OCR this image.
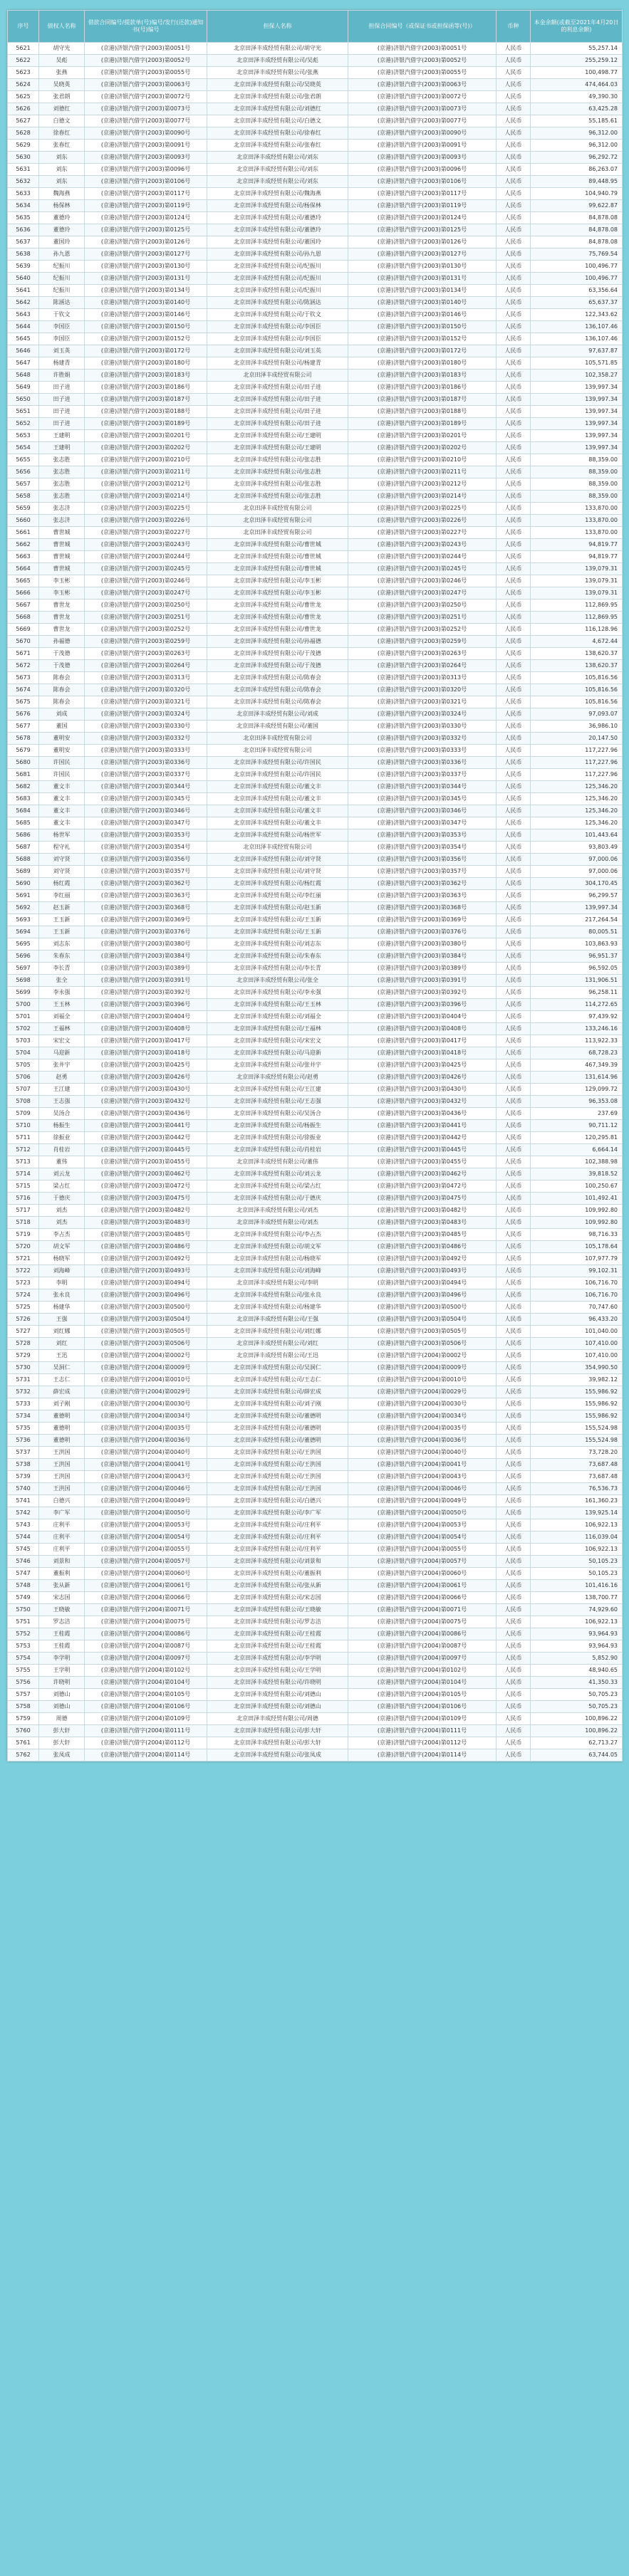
序号	债权人名称	借款合同编号/提款单(号)编号/发行(还款)通知书(号)编号	担保人名称	担保合同编号（或保证书或担保函等(号)）	币种	本金余额(或截至2021年4月20日的利息余额)
5621	胡守光	(京港)济银汽借字(2003)第0051号	北京田泽丰成经贸有限公司/胡守光	(京港)济银汽借字(2003)第0051号	人民币	55,257.14
5622	吴彪	(京港)济银汽借字(2003)第0052号	北京田泽丰成经贸有限公司/吴彪	(京港)济银汽借字(2003)第0052号	人民币	255,259.12
5623	张燕	(京港)济银汽借字(2003)第0055号	北京田泽丰成经贸有限公司/张燕	(京港)济银汽借字(2003)第0055号	人民币	100,498.77
5624	吴晓英	(京港)济银汽借字(2003)第0063号	北京田泽丰成经贸有限公司/吴晓英	(京港)济银汽借字(2003)第0063号	人民币	474,464.03
5625	张君朗	(京港)济银汽借字(2003)第0072号	北京田泽丰成经贸有限公司/张君朗	(京港)济银汽借字(2003)第0072号	人民币	49,390.30
5626	刘德红	(京港)济银汽借字(2003)第0073号	北京田泽丰成经贸有限公司/刘德红	(京港)济银汽借字(2003)第0073号	人民币	63,425.28
5627	白德文	(京港)济银汽借字(2003)第0077号	北京田泽丰成经贸有限公司/白德文	(京港)济银汽借字(2003)第0077号	人民币	55,185.61
5628	徐春红	(京港)济银汽借字(2003)第0090号	北京田泽丰成经贸有限公司/徐春红	(京港)济银汽借字(2003)第0090号	人民币	96,312.00
5629	张春红	(京港)济银汽借字(2003)第0091号	北京田泽丰成经贸有限公司/张春红	(京港)济银汽借字(2003)第0091号	人民币	96,312.00
5630	刘东	(京港)济银汽借字(2003)第0093号	北京田泽丰成经贸有限公司/刘东	(京港)济银汽借字(2003)第0093号	人民币	96,292.72
5631	刘东	(京港)济银汽借字(2003)第0096号	北京田泽丰成经贸有限公司/刘东	(京港)济银汽借字(2003)第0096号	人民币	86,263.07
5632	刘东	(京港)济银汽借字(2003)第0106号	北京田泽丰成经贸有限公司/刘东	(京港)济银汽借字(2003)第0106号	人民币	89,448.95
5633	魏海燕	(京港)济银汽借字(2003)第0117号	北京田泽丰成经贸有限公司/魏海燕	(京港)济银汽借字(2003)第0117号	人民币	104,940.79
5634	杨保林	(京港)济银汽借字(2003)第0119号	北京田泽丰成经贸有限公司/杨保林	(京港)济银汽借字(2003)第0119号	人民币	99,622.87
5635	董德玲	(京港)济银汽借字(2003)第0124号	北京田泽丰成经贸有限公司/董德玲	(京港)济银汽借字(2003)第0124号	人民币	84,878.08
5636	董德玲	(京港)济银汽借字(2003)第0125号	北京田泽丰成经贸有限公司/董德玲	(京港)济银汽借字(2003)第0125号	人民币	84,878.08
5637	董国玲	(京港)济银汽借字(2003)第0126号	北京田泽丰成经贸有限公司/董国玲	(京港)济银汽借字(2003)第0126号	人民币	84,878.08
5638	孙九恩	(京港)济银汽借字(2003)第0127号	北京田泽丰成经贸有限公司/孙九恩	(京港)济银汽借字(2003)第0127号	人民币	75,769.54
5639	纪振川	(京港)济银汽借字(2003)第0130号	北京田泽丰成经贸有限公司/纪振川	(京港)济银汽借字(2003)第0130号	人民币	100,496.77
5640	纪振川	(京港)济银汽借字(2003)第0131号	北京田泽丰成经贸有限公司/纪振川	(京港)济银汽借字(2003)第0131号	人民币	100,496.77
5641	纪振川	(京港)济银汽借字(2003)第0134号	北京田泽丰成经贸有限公司/纪振川	(京港)济银汽借字(2003)第0134号	人民币	63,356.64
5642	陈涵达	(京港)济银汽借字(2003)第0140号	北京田泽丰成经贸有限公司/陈涵达	(京港)济银汽借字(2003)第0140号	人民币	65,637.37
5643	于钦文	(京港)济银汽借字(2003)第0146号	北京田泽丰成经贸有限公司/于钦文	(京港)济银汽借字(2003)第0146号	人民币	122,343.62
5644	李国臣	(京港)济银汽借字(2003)第0150号	北京田泽丰成经贸有限公司/李国臣	(京港)济银汽借字(2003)第0150号	人民币	136,107.46
5645	李国臣	(京港)济银汽借字(2003)第0152号	北京田泽丰成经贸有限公司/李国臣	(京港)济银汽借字(2003)第0152号	人民币	136,107.46
5646	刘玉英	(京港)济银汽借字(2003)第0172号	北京田泽丰成经贸有限公司/刘玉英	(京港)济银汽借字(2003)第0172号	人民币	97,637.87
5647	杨建青	(京港)济银汽借字(2003)第0180号	北京田泽丰成经贸有限公司/杨建青	(京港)济银汽借字(2003)第0180号	人民币	105,571.85
5648	许胜娟	(京港)济银汽借字(2003)第0183号	北京田泽丰成经贸有限公司	(京港)济银汽借字(2003)第0183号	人民币	102,358.27
5649	田子进	(京港)济银汽借字(2003)第0186号	北京田泽丰成经贸有限公司/田子进	(京港)济银汽借字(2003)第0186号	人民币	139,997.34
5650	田子进	(京港)济银汽借字(2003)第0187号	北京田泽丰成经贸有限公司/田子进	(京港)济银汽借字(2003)第0187号	人民币	139,997.34
5651	田子进	(京港)济银汽借字(2003)第0188号	北京田泽丰成经贸有限公司/田子进	(京港)济银汽借字(2003)第0188号	人民币	139,997.34
5652	田子进	(京港)济银汽借字(2003)第0189号	北京田泽丰成经贸有限公司/田子进	(京港)济银汽借字(2003)第0189号	人民币	139,997.34
5653	王建明	(京港)济银汽借字(2003)第0201号	北京田泽丰成经贸有限公司/王建明	(京港)济银汽借字(2003)第0201号	人民币	139,997.34
5654	王建明	(京港)济银汽借字(2003)第0202号	北京田泽丰成经贸有限公司/王建明	(京港)济银汽借字(2003)第0202号	人民币	139,997.34
5655	张志胜	(京港)济银汽借字(2003)第0210号	北京田泽丰成经贸有限公司/张志胜	(京港)济银汽借字(2003)第0210号	人民币	88,359.00
5656	张志胜	(京港)济银汽借字(2003)第0211号	北京田泽丰成经贸有限公司/张志胜	(京港)济银汽借字(2003)第0211号	人民币	88,359.00
5657	张志胜	(京港)济银汽借字(2003)第0212号	北京田泽丰成经贸有限公司/张志胜	(京港)济银汽借字(2003)第0212号	人民币	88,359.00
5658	张志胜	(京港)济银汽借字(2003)第0214号	北京田泽丰成经贸有限公司/张志胜	(京港)济银汽借字(2003)第0214号	人民币	88,359.00
5659	张志济	(京港)济银汽借字(2003)第0225号	北京田泽丰成经贸有限公司	(京港)济银汽借字(2003)第0225号	人民币	133,870.00
5660	张志济	(京港)济银汽借字(2003)第0226号	北京田泽丰成经贸有限公司	(京港)济银汽借字(2003)第0226号	人民币	133,870.00
5661	曹世城	(京港)济银汽借字(2003)第0227号	北京田泽丰成经贸有限公司	(京港)济银汽借字(2003)第0227号	人民币	133,870.00
5662	曹世城	(京港)济银汽借字(2003)第0243号	北京田泽丰成经贸有限公司/曹世城	(京港)济银汽借字(2003)第0243号	人民币	94,819.77
5663	曹世城	(京港)济银汽借字(2003)第0244号	北京田泽丰成经贸有限公司/曹世城	(京港)济银汽借字(2003)第0244号	人民币	94,819.77
5664	曹世城	(京港)济银汽借字(2003)第0245号	北京田泽丰成经贸有限公司/曹世城	(京港)济银汽借字(2003)第0245号	人民币	139,079.31
5665	李玉彬	(京港)济银汽借字(2003)第0246号	北京田泽丰成经贸有限公司/李玉彬	(京港)济银汽借字(2003)第0246号	人民币	139,079.31
5666	李玉彬	(京港)济银汽借字(2003)第0247号	北京田泽丰成经贸有限公司/李玉彬	(京港)济银汽借字(2003)第0247号	人民币	139,079.31
5667	曹世龙	(京港)济银汽借字(2003)第0250号	北京田泽丰成经贸有限公司/曹世龙	(京港)济银汽借字(2003)第0250号	人民币	112,869.95
5668	曹世龙	(京港)济银汽借字(2003)第0251号	北京田泽丰成经贸有限公司/曹世龙	(京港)济银汽借字(2003)第0251号	人民币	112,869.95
5669	曹世龙	(京港)济银汽借字(2003)第0252号	北京田泽丰成经贸有限公司/曹世龙	(京港)济银汽借字(2003)第0252号	人民币	116,128.96
5670	孙福德	(京港)济银汽借字(2003)第0259号	北京田泽丰成经贸有限公司/孙福德	(京港)济银汽借字(2003)第0259号	人民币	4,672.44
5671	于茂德	(京港)济银汽借字(2003)第0263号	北京田泽丰成经贸有限公司/于茂德	(京港)济银汽借字(2003)第0263号	人民币	138,620.37
5672	于茂德	(京港)济银汽借字(2003)第0264号	北京田泽丰成经贸有限公司/于茂德	(京港)济银汽借字(2003)第0264号	人民币	138,620.37
5673	陈春会	(京港)济银汽借字(2003)第0313号	北京田泽丰成经贸有限公司/陈春会	(京港)济银汽借字(2003)第0313号	人民币	105,816.56
5674	陈春会	(京港)济银汽借字(2003)第0320号	北京田泽丰成经贸有限公司/陈春会	(京港)济银汽借字(2003)第0320号	人民币	105,816.56
5675	陈春会	(京港)济银汽借字(2003)第0321号	北京田泽丰成经贸有限公司/陈春会	(京港)济银汽借字(2003)第0321号	人民币	105,816.56
5676	刘成	(京港)济银汽借字(2003)第0324号	北京田泽丰成经贸有限公司/刘成	(京港)济银汽借字(2003)第0324号	人民币	97,093.07
5677	董国	(京港)济银汽借字(2003)第0330号	北京田泽丰成经贸有限公司/董国	(京港)济银汽借字(2003)第0330号	人民币	36,986.10
5678	董明安	(京港)济银汽借字(2003)第0332号	北京田泽丰成经贸有限公司	(京港)济银汽借字(2003)第0332号	人民币	20,147.50
5679	董明安	(京港)济银汽借字(2003)第0333号	北京田泽丰成经贸有限公司	(京港)济银汽借字(2003)第0333号	人民币	117,227.96
5680	许国民	(京港)济银汽借字(2003)第0336号	北京田泽丰成经贸有限公司/许国民	(京港)济银汽借字(2003)第0336号	人民币	117,227.96
5681	许国民	(京港)济银汽借字(2003)第0337号	北京田泽丰成经贸有限公司/许国民	(京港)济银汽借字(2003)第0337号	人民币	117,227.96
5682	董文丰	(京港)济银汽借字(2003)第0344号	北京田泽丰成经贸有限公司/董文丰	(京港)济银汽借字(2003)第0344号	人民币	125,346.20
5683	董文丰	(京港)济银汽借字(2003)第0345号	北京田泽丰成经贸有限公司/董文丰	(京港)济银汽借字(2003)第0345号	人民币	125,346.20
5684	董文丰	(京港)济银汽借字(2003)第0346号	北京田泽丰成经贸有限公司/董文丰	(京港)济银汽借字(2003)第0346号	人民币	125,346.20
5685	董文丰	(京港)济银汽借字(2003)第0347号	北京田泽丰成经贸有限公司/董文丰	(京港)济银汽借字(2003)第0347号	人民币	125,346.20
5686	杨世军	(京港)济银汽借字(2003)第0353号	北京田泽丰成经贸有限公司/杨世军	(京港)济银汽借字(2003)第0353号	人民币	101,443.64
5687	程守礼	(京港)济银汽借字(2003)第0354号	北京田泽丰成经贸有限公司	(京港)济银汽借字(2003)第0354号	人民币	93,803.49
5688	刘守贤	(京港)济银汽借字(2003)第0356号	北京田泽丰成经贸有限公司/刘守贤	(京港)济银汽借字(2003)第0356号	人民币	97,000.06
5689	刘守贤	(京港)济银汽借字(2003)第0357号	北京田泽丰成经贸有限公司/刘守贤	(京港)济银汽借字(2003)第0357号	人民币	97,000.06
5690	杨红霞	(京港)济银汽借字(2003)第0362号	北京田泽丰成经贸有限公司/杨红霞	(京港)济银汽借字(2003)第0362号	人民币	304,170.45
5691	李红丽	(京港)济银汽借字(2003)第0363号	北京田泽丰成经贸有限公司/李红丽	(京港)济银汽借字(2003)第0363号	人民币	96,299.57
5692	赵玉新	(京港)济银汽借字(2003)第0368号	北京田泽丰成经贸有限公司/赵玉新	(京港)济银汽借字(2003)第0368号	人民币	139,997.34
5693	王玉新	(京港)济银汽借字(2003)第0369号	北京田泽丰成经贸有限公司/王玉新	(京港)济银汽借字(2003)第0369号	人民币	217,264.54
5694	王玉新	(京港)济银汽借字(2003)第0376号	北京田泽丰成经贸有限公司/王玉新	(京港)济银汽借字(2003)第0376号	人民币	80,005.51
5695	刘志东	(京港)济银汽借字(2003)第0380号	北京田泽丰成经贸有限公司/刘志东	(京港)济银汽借字(2003)第0380号	人民币	103,863.93
5696	朱春东	(京港)济银汽借字(2003)第0384号	北京田泽丰成经贸有限公司/朱春东	(京港)济银汽借字(2003)第0384号	人民币	96,951.37
5697	李长青	(京港)济银汽借字(2003)第0389号	北京田泽丰成经贸有限公司/李长青	(京港)济银汽借字(2003)第0389号	人民币	96,592.05
5698	张全	(京港)济银汽借字(2003)第0391号	北京田泽丰成经贸有限公司/张全	(京港)济银汽借字(2003)第0391号	人民币	131,906.51
5699	李永强	(京港)济银汽借字(2003)第0392号	北京田泽丰成经贸有限公司/李永强	(京港)济银汽借字(2003)第0392号	人民币	96,258.11
5700	王玉林	(京港)济银汽借字(2003)第0396号	北京田泽丰成经贸有限公司/王玉林	(京港)济银汽借字(2003)第0396号	人民币	114,272.65
5701	刘福全	(京港)济银汽借字(2003)第0404号	北京田泽丰成经贸有限公司/刘福全	(京港)济银汽借字(2003)第0404号	人民币	97,439.92
5702	王福林	(京港)济银汽借字(2003)第0408号	北京田泽丰成经贸有限公司/王福林	(京港)济银汽借字(2003)第0408号	人民币	133,246.16
5703	宋宏文	(京港)济银汽借字(2003)第0417号	北京田泽丰成经贸有限公司/宋宏文	(京港)济银汽借字(2003)第0417号	人民币	113,922.33
5704	马迎新	(京港)济银汽借字(2003)第0418号	北京田泽丰成经贸有限公司/马迎新	(京港)济银汽借字(2003)第0418号	人民币	68,728.23
5705	张井宇	(京港)济银汽借字(2003)第0425号	北京田泽丰成经贸有限公司/张井宇	(京港)济银汽借字(2003)第0425号	人民币	467,349.39
5706	赵勇	(京港)济银汽借字(2003)第0426号	北京田泽丰成经贸有限公司/赵勇	(京港)济银汽借字(2003)第0426号	人民币	131,614.96
5707	王江建	(京港)济银汽借字(2003)第0430号	北京田泽丰成经贸有限公司/王江建	(京港)济银汽借字(2003)第0430号	人民币	129,099.72
5708	王志强	(京港)济银汽借字(2003)第0432号	北京田泽丰成经贸有限公司/王志强	(京港)济银汽借字(2003)第0432号	人民币	96,353.08
5709	吴汤合	(京港)济银汽借字(2003)第0436号	北京田泽丰成经贸有限公司/吴汤合	(京港)济银汽借字(2003)第0436号	人民币	237.69
5710	杨振生	(京港)济银汽借字(2003)第0441号	北京田泽丰成经贸有限公司/杨振生	(京港)济银汽借字(2003)第0441号	人民币	90,711.12
5711	徐振业	(京港)济银汽借字(2003)第0442号	北京田泽丰成经贸有限公司/徐振业	(京港)济银汽借字(2003)第0442号	人民币	120,295.81
5712	肖桂岩	(京港)济银汽借字(2003)第0445号	北京田泽丰成经贸有限公司/肖桂岩	(京港)济银汽借字(2003)第0445号	人民币	6,664.14
5713	董伟	(京港)济银汽借字(2003)第0455号	北京田泽丰成经贸有限公司/董伟	(京港)济银汽借字(2003)第0455号	人民币	102,388.98
5714	刘云龙	(京港)济银汽借字(2003)第0462号	北京田泽丰成经贸有限公司/刘云龙	(京港)济银汽借字(2003)第0462号	人民币	39,818.52
5715	梁占红	(京港)济银汽借字(2003)第0472号	北京田泽丰成经贸有限公司/梁占红	(京港)济银汽借字(2003)第0472号	人民币	100,250.67
5716	于德庆	(京港)济银汽借字(2003)第0475号	北京田泽丰成经贸有限公司/于德庆	(京港)济银汽借字(2003)第0475号	人民币	101,492.41
5717	刘杰	(京港)济银汽借字(2003)第0482号	北京田泽丰成经贸有限公司/刘杰	(京港)济银汽借字(2003)第0482号	人民币	109,992.80
5718	刘杰	(京港)济银汽借字(2003)第0483号	北京田泽丰成经贸有限公司/刘杰	(京港)济银汽借字(2003)第0483号	人民币	109,992.80
5719	李占杰	(京港)济银汽借字(2003)第0485号	北京田泽丰成经贸有限公司/李占杰	(京港)济银汽借字(2003)第0485号	人民币	98,716.33
5720	胡文军	(京港)济银汽借字(2003)第0486号	北京田泽丰成经贸有限公司/胡文军	(京港)济银汽借字(2003)第0486号	人民币	105,178.64
5721	杨晓军	(京港)济银汽借字(2003)第0492号	北京田泽丰成经贸有限公司/杨晓军	(京港)济银汽借字(2003)第0492号	人民币	107,977.79
5722	刘海峰	(京港)济银汽借字(2003)第0493号	北京田泽丰成经贸有限公司/刘海峰	(京港)济银汽借字(2003)第0493号	人民币	99,102.31
5723	李明	(京港)济银汽借字(2003)第0494号	北京田泽丰成经贸有限公司/李明	(京港)济银汽借字(2003)第0494号	人民币	106,716.70
5724	张永良	(京港)济银汽借字(2003)第0496号	北京田泽丰成经贸有限公司/张永良	(京港)济银汽借字(2003)第0496号	人民币	106,716.70
5725	杨建华	(京港)济银汽借字(2003)第0500号	北京田泽丰成经贸有限公司/杨建华	(京港)济银汽借字(2003)第0500号	人民币	70,747.60
5726	王强	(京港)济银汽借字(2003)第0504号	北京田泽丰成经贸有限公司/王强	(京港)济银汽借字(2003)第0504号	人民币	96,433.20
5727	刘红娜	(京港)济银汽借字(2003)第0505号	北京田泽丰成经贸有限公司/刘红娜	(京港)济银汽借字(2003)第0505号	人民币	101,040.00
5728	刘红	(京港)济银汽借字(2003)第0506号	北京田泽丰成经贸有限公司/刘红	(京港)济银汽借字(2003)第0506号	人民币	107,410.00
5729	王迅	(京港)济银汽借字(2004)第0002号	北京田泽丰成经贸有限公司/王迅	(京港)济银汽借字(2004)第0002号	人民币	107,410.00
5730	吴洞仁	(京港)济银汽借字(2004)第0009号	北京田泽丰成经贸有限公司/吴洞仁	(京港)济银汽借字(2004)第0009号	人民币	354,990.50
5731	王志仁	(京港)济银汽借字(2004)第0010号	北京田泽丰成经贸有限公司/王志仁	(京港)济银汽借字(2004)第0010号	人民币	39,982.12
5732	薛宏成	(京港)济银汽借字(2004)第0029号	北京田泽丰成经贸有限公司/薛宏成	(京港)济银汽借字(2004)第0029号	人民币	155,986.92
5733	刘子刚	(京港)济银汽借字(2004)第0030号	北京田泽丰成经贸有限公司/刘子刚	(京港)济银汽借字(2004)第0030号	人民币	155,986.92
5734	董德明	(京港)济银汽借字(2004)第0034号	北京田泽丰成经贸有限公司/董德明	(京港)济银汽借字(2004)第0034号	人民币	155,986.92
5735	董德明	(京港)济银汽借字(2004)第0035号	北京田泽丰成经贸有限公司/董德明	(京港)济银汽借字(2004)第0035号	人民币	155,524.98
5736	董德明	(京港)济银汽借字(2004)第0036号	北京田泽丰成经贸有限公司/董德明	(京港)济银汽借字(2004)第0036号	人民币	155,524.98
5737	王洪国	(京港)济银汽借字(2004)第0040号	北京田泽丰成经贸有限公司/王洪国	(京港)济银汽借字(2004)第0040号	人民币	73,728.20
5738	王洪国	(京港)济银汽借字(2004)第0041号	北京田泽丰成经贸有限公司/王洪国	(京港)济银汽借字(2004)第0041号	人民币	73,687.48
5739	王洪国	(京港)济银汽借字(2004)第0043号	北京田泽丰成经贸有限公司/王洪国	(京港)济银汽借字(2004)第0043号	人民币	73,687.48
5740	王洪国	(京港)济银汽借字(2004)第0046号	北京田泽丰成经贸有限公司/王洪国	(京港)济银汽借字(2004)第0046号	人民币	76,536.73
5741	白德兴	(京港)济银汽借字(2004)第0049号	北京田泽丰成经贸有限公司/白德兴	(京港)济银汽借字(2004)第0049号	人民币	161,360.23
5742	李广军	(京港)济银汽借字(2004)第0050号	北京田泽丰成经贸有限公司/李广军	(京港)济银汽借字(2004)第0050号	人民币	139,925.14
5743	庄利平	(京港)济银汽借字(2004)第0053号	北京田泽丰成经贸有限公司/庄利平	(京港)济银汽借字(2004)第0053号	人民币	106,922.13
5744	庄利平	(京港)济银汽借字(2004)第0054号	北京田泽丰成经贸有限公司/庄利平	(京港)济银汽借字(2004)第0054号	人民币	116,039.04
5745	庄利平	(京港)济银汽借字(2004)第0055号	北京田泽丰成经贸有限公司/庄利平	(京港)济银汽借字(2004)第0055号	人民币	106,922.13
5746	刘景和	(京港)济银汽借字(2004)第0057号	北京田泽丰成经贸有限公司/刘景和	(京港)济银汽借字(2004)第0057号	人民币	50,105.23
5747	董振利	(京港)济银汽借字(2004)第0060号	北京田泽丰成经贸有限公司/董振利	(京港)济银汽借字(2004)第0060号	人民币	50,105.23
5748	张从新	(京港)济银汽借字(2004)第0061号	北京田泽丰成经贸有限公司/张从新	(京港)济银汽借字(2004)第0061号	人民币	101,416.16
5749	宋志国	(京港)济银汽借字(2004)第0066号	北京田泽丰成经贸有限公司/宋志国	(京港)济银汽借字(2004)第0066号	人民币	138,700.77
5750	王晓敏	(京港)济银汽借字(2004)第0071号	北京田泽丰成经贸有限公司/王晓敏	(京港)济银汽借字(2004)第0071号	人民币	74,929.60
5751	罗志洁	(京港)济银汽借字(2004)第0075号	北京田泽丰成经贸有限公司/罗志洁	(京港)济银汽借字(2004)第0075号	人民币	106,922.13
5752	王桂霞	(京港)济银汽借字(2004)第0086号	北京田泽丰成经贸有限公司/王桂霞	(京港)济银汽借字(2004)第0086号	人民币	93,964.93
5753	王桂霞	(京港)济银汽借字(2004)第0087号	北京田泽丰成经贸有限公司/王桂霞	(京港)济银汽借字(2004)第0087号	人民币	93,964.93
5754	李学明	(京港)济银汽借字(2004)第0097号	北京田泽丰成经贸有限公司/李学明	(京港)济银汽借字(2004)第0097号	人民币	5,852.90
5755	王学明	(京港)济银汽借字(2004)第0102号	北京田泽丰成经贸有限公司/王学明	(京港)济银汽借字(2004)第0102号	人民币	48,940.65
5756	许晓明	(京港)济银汽借字(2004)第0104号	北京田泽丰成经贸有限公司/许晓明	(京港)济银汽借字(2004)第0104号	人民币	41,350.33
5757	刘德山	(京港)济银汽借字(2004)第0105号	北京田泽丰成经贸有限公司/刘德山	(京港)济银汽借字(2004)第0105号	人民币	50,705.23
5758	刘德山	(京港)济银汽借字(2004)第0106号	北京田泽丰成经贸有限公司/刘德山	(京港)济银汽借字(2004)第0106号	人民币	50,705.23
5759	周德	(京港)济银汽借字(2004)第0109号	北京田泽丰成经贸有限公司/周德	(京港)济银汽借字(2004)第0109号	人民币	100,896.22
5760	彭大轩	(京港)济银汽借字(2004)第0111号	北京田泽丰成经贸有限公司/彭大轩	(京港)济银汽借字(2004)第0111号	人民币	100,896.22
5761	彭大轩	(京港)济银汽借字(2004)第0112号	北京田泽丰成经贸有限公司/彭大轩	(京港)济银汽借字(2004)第0112号	人民币	62,713.27
5762	张凤成	(京港)济银汽借字(2004)第0114号	北京田泽丰成经贸有限公司/张凤成	(京港)济银汽借字(2004)第0114号	人民币	63,744.05
